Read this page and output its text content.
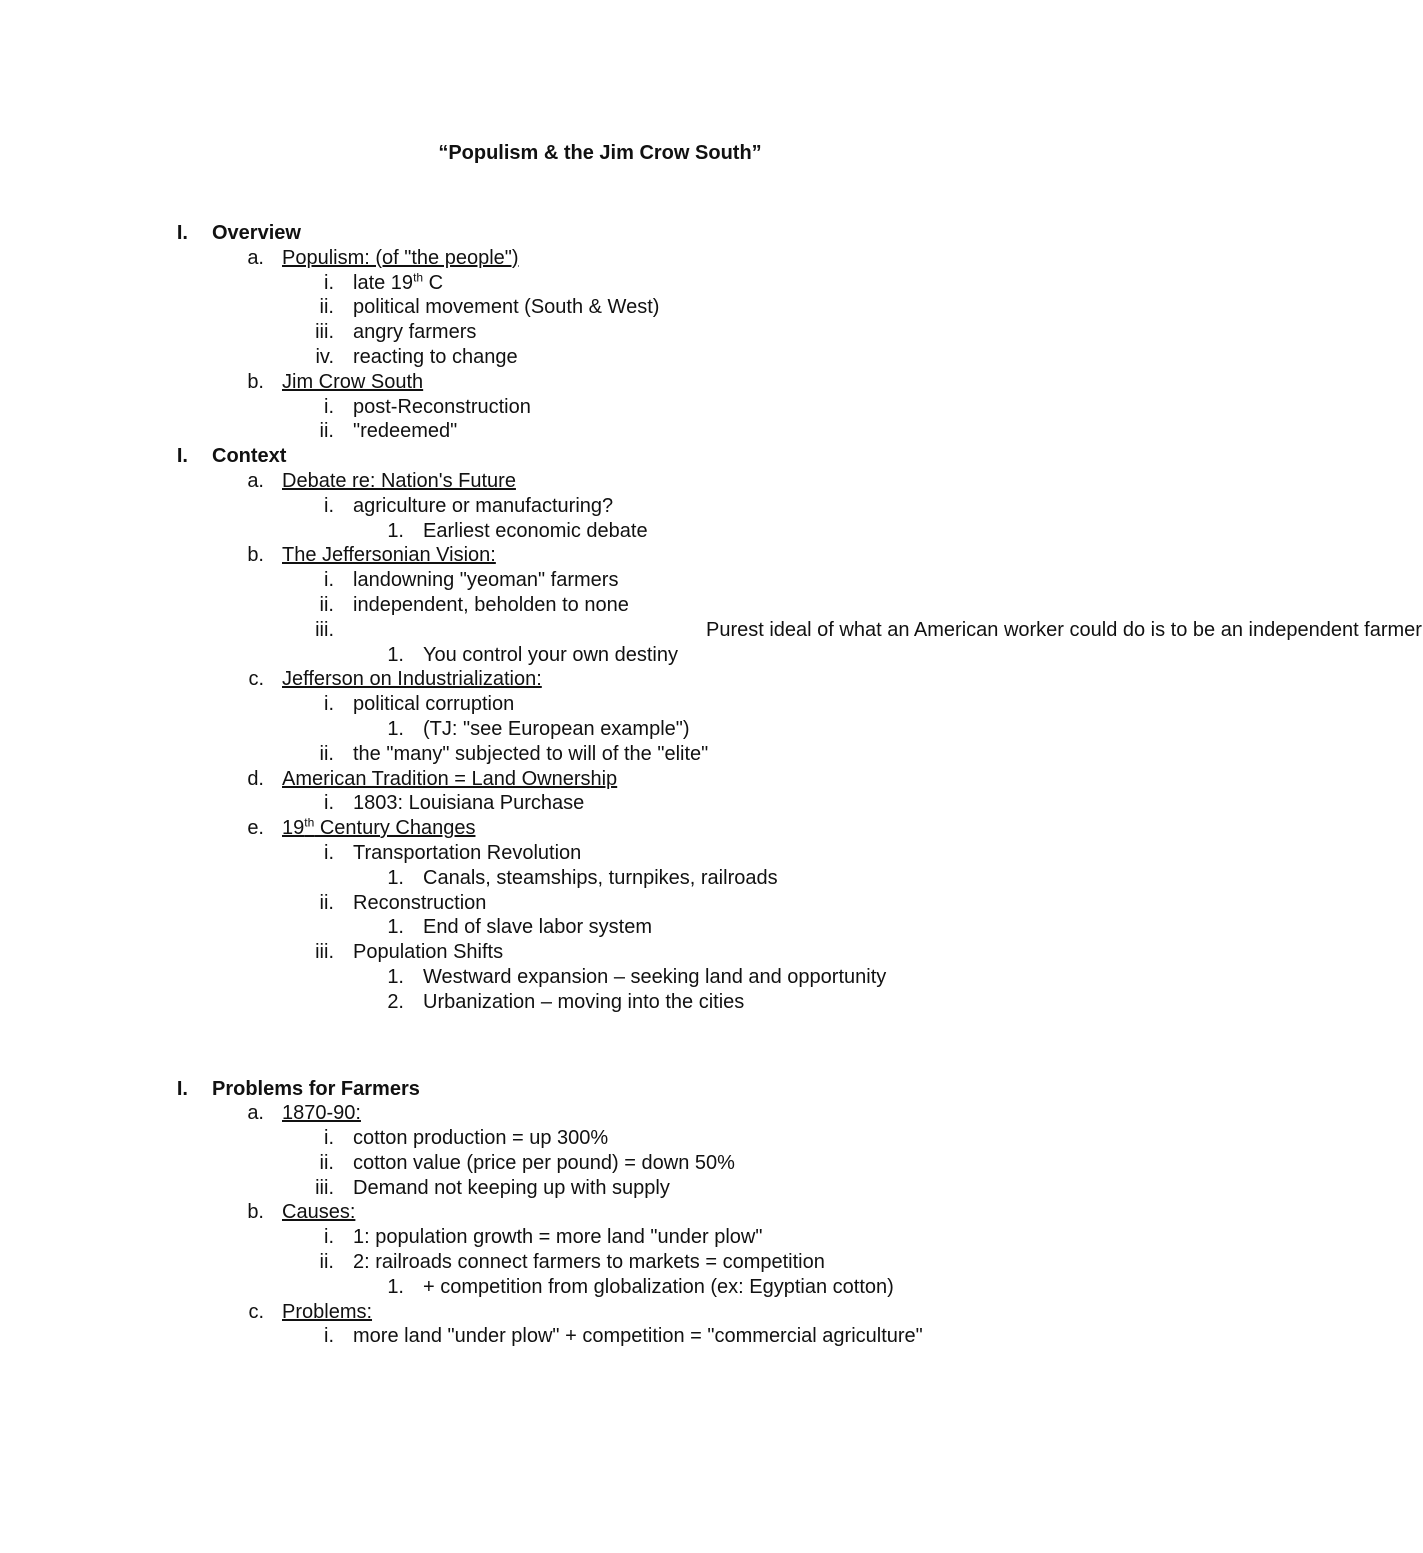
“Populism & the Jim Crow South”
I. Overview
a. Populism: (of "the people")
i. late 19th C
ii. political movement (South & West)
iii. angry farmers
iv. reacting to change
b. Jim Crow South
i. post-Reconstruction
ii. "redeemed"
I. Context
a. Debate re: Nation's Future
i. agriculture or manufacturing?
1. Earliest economic debate
b. The Jeffersonian Vision:
i. landowning "yeoman" farmers
ii. independent, beholden to none
iii.	Purest ideal of what an American worker could do is to be an independent farmer
1. You control your own destiny
c. Jefferson on Industrialization:
i. political corruption
1. (TJ: "see European example")
ii. the "many" subjected to will of the "elite"
d. American Tradition = Land Ownership
i. 1803: Louisiana Purchase
e. 19th Century Changes
i. Transportation Revolution
1. Canals, steamships, turnpikes, railroads
ii. Reconstruction
1. End of slave labor system
iii. Population Shifts
1. Westward expansion – seeking land and opportunity
2. Urbanization – moving into the cities
I. Problems for Farmers
a. 1870-90:
i. cotton production = up 300%
ii. cotton value (price per pound) = down 50%
iii. Demand not keeping up with supply
b. Causes:
i. 1: population growth = more land "under plow"
ii. 2: railroads connect farmers to markets = competition
1. + competition from globalization (ex: Egyptian cotton)
c. Problems:
i. more land "under plow" + competition = "commercial agriculture"
